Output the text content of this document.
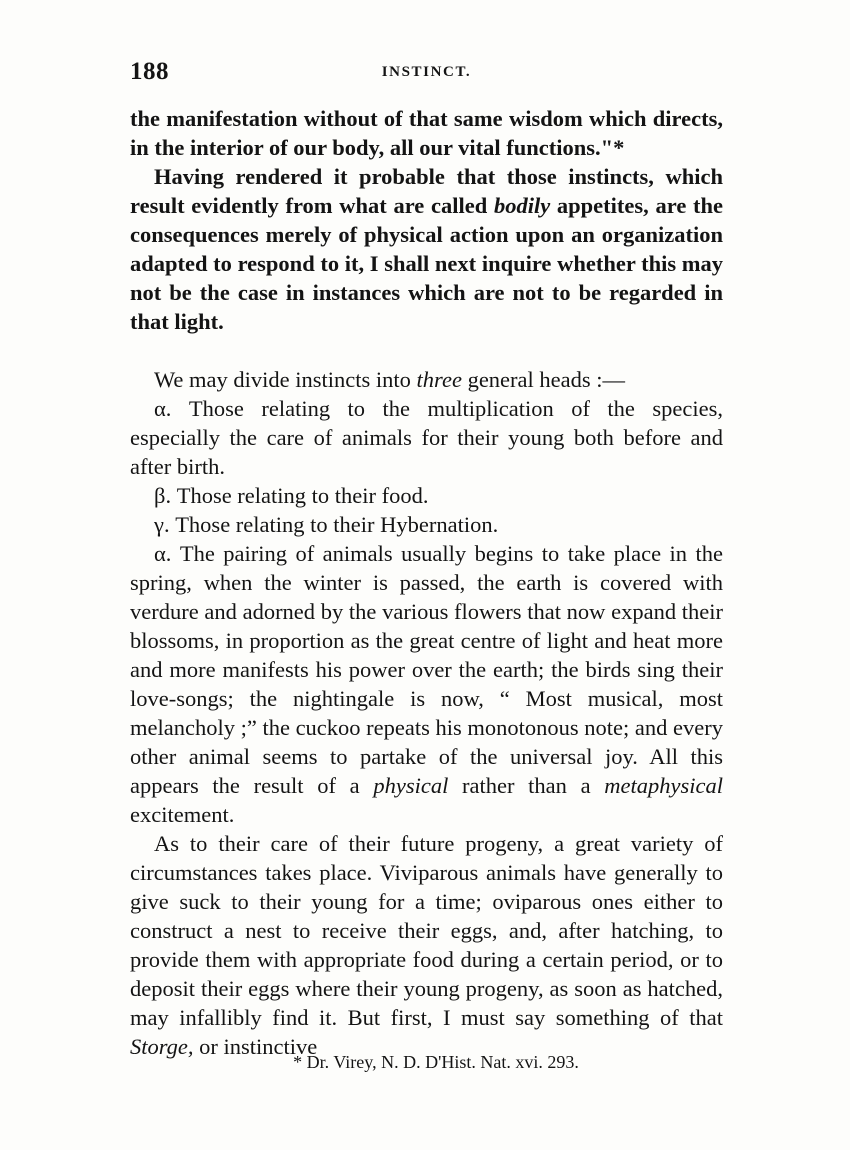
188	INSTINCT.

the manifestation without of that same wisdom which directs, in the interior of our body, all our vital functions."*

Having rendered it probable that those instincts, which result evidently from what are called bodily appetites, are the consequences merely of physical action upon an organization adapted to respond to it, I shall next inquire whether this may not be the case in instances which are not to be regarded in that light.

We may divide instincts into three general heads :—

α. Those relating to the multiplication of the species, especially the care of animals for their young both before and after birth.

β. Those relating to their food.

γ. Those relating to their Hybernation.

α. The pairing of animals usually begins to take place in the spring, when the winter is passed, the earth is covered with verdure and adorned by the various flowers that now expand their blossoms, in proportion as the great centre of light and heat more and more manifests his power over the earth; the birds sing their love-songs; the nightingale is now, “ Most musical, most melancholy ;” the cuckoo repeats his monotonous note; and every other animal seems to partake of the universal joy. All this appears the result of a physical rather than a metaphysical excitement.

As to their care of their future progeny, a great variety of circumstances takes place. Viviparous animals have generally to give suck to their young for a time; oviparous ones either to construct a nest to receive their eggs, and, after hatching, to provide them with appropriate food during a certain period, or to deposit their eggs where their young progeny, as soon as hatched, may infallibly find it. But first, I must say something of that Storge, or instinctive

* Dr. Virey, N. D. D'Hist. Nat. xvi. 293.
